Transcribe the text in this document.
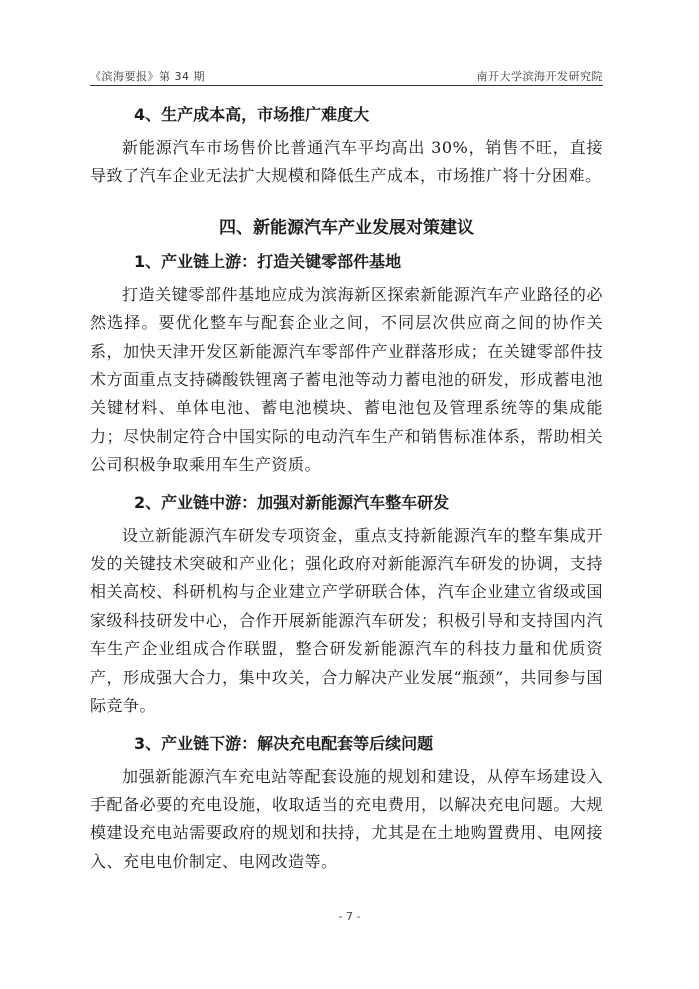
《滨海要报》第 34 期	南开大学滨海开发研究院
4、生产成本高，市场推广难度大

新能源汽车市场售价比普通汽车平均高出 30%，销售不旺，直接导致了汽车企业无法扩大规模和降低生产成本，市场推广将十分困难。

四、新能源汽车产业发展对策建议
1、产业链上游：打造关键零部件基地

打造关键零部件基地应成为滨海新区探索新能源汽车产业路径的必然选择。要优化整车与配套企业之间，不同层次供应商之间的协作关系，加快天津开发区新能源汽车零部件产业群落形成；在关键零部件技术方面重点支持磷酸铁锂离子蓄电池等动力蓄电池的研发，形成蓄电池关键材料、单体电池、蓄电池模块、蓄电池包及管理系统等的集成能力；尽快制定符合中国实际的电动汽车生产和销售标准体系，帮助相关公司积极争取乘用车生产资质。

2、产业链中游：加强对新能源汽车整车研发

设立新能源汽车研发专项资金，重点支持新能源汽车的整车集成开发的关键技术突破和产业化；强化政府对新能源汽车研发的协调，支持相关高校、科研机构与企业建立产学研联合体，汽车企业建立省级或国家级科技研发中心，合作开展新能源汽车研发；积极引导和支持国内汽车生产企业组成合作联盟，整合研发新能源汽车的科技力量和优质资产，形成强大合力，集中攻关，合力解决产业发展“瓶颈”，共同参与国际竞争。

3、产业链下游：解决充电配套等后续问题

加强新能源汽车充电站等配套设施的规划和建设，从停车场建设入手配备必要的充电设施，收取适当的充电费用，以解决充电问题。大规模建设充电站需要政府的规划和扶持，尤其是在土地购置费用、电网接入、充电电价制定、电网改造等。

- 7 -
